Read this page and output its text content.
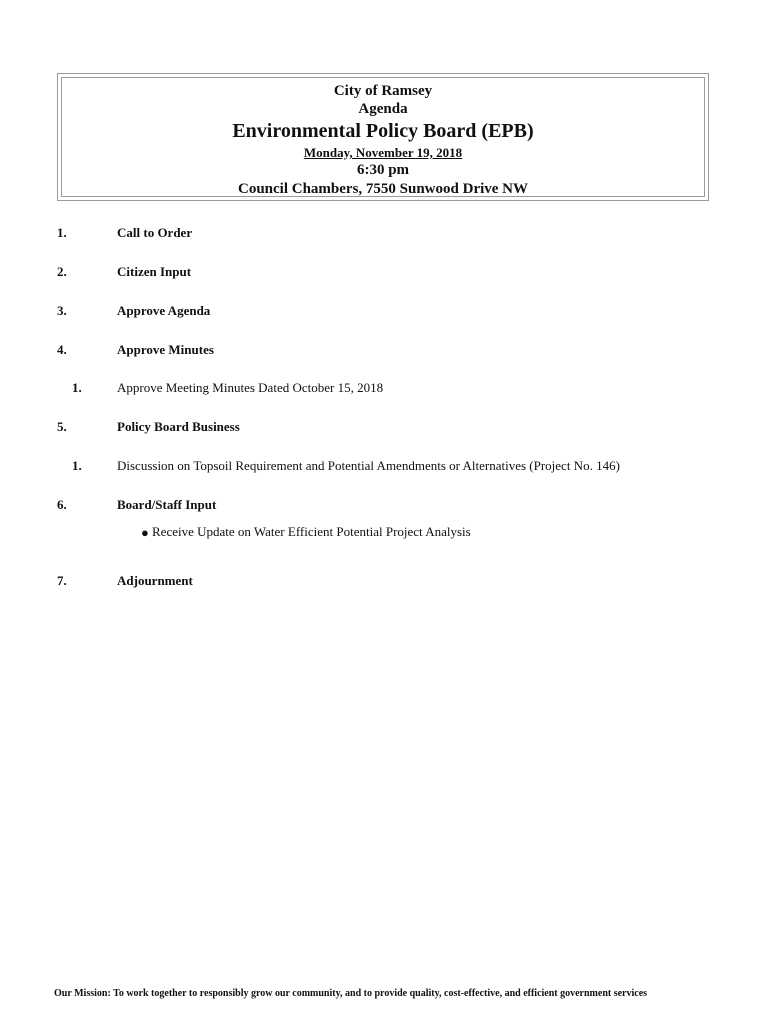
City of Ramsey
Agenda
Environmental Policy Board (EPB)
Monday, November 19, 2018
6:30 pm
Council Chambers, 7550 Sunwood Drive NW
1.	Call to Order
2.	Citizen Input
3.	Approve Agenda
4.	Approve Minutes
1.	Approve Meeting Minutes Dated October 15, 2018
5.	Policy Board Business
1.	Discussion on Topsoil Requirement and Potential Amendments or Alternatives (Project No. 146)
6.	Board/Staff Input
● Receive Update on Water Efficient Potential Project Analysis
7.	Adjournment
Our Mission: To work together to responsibly grow our community, and to provide quality, cost-effective, and efficient government services
